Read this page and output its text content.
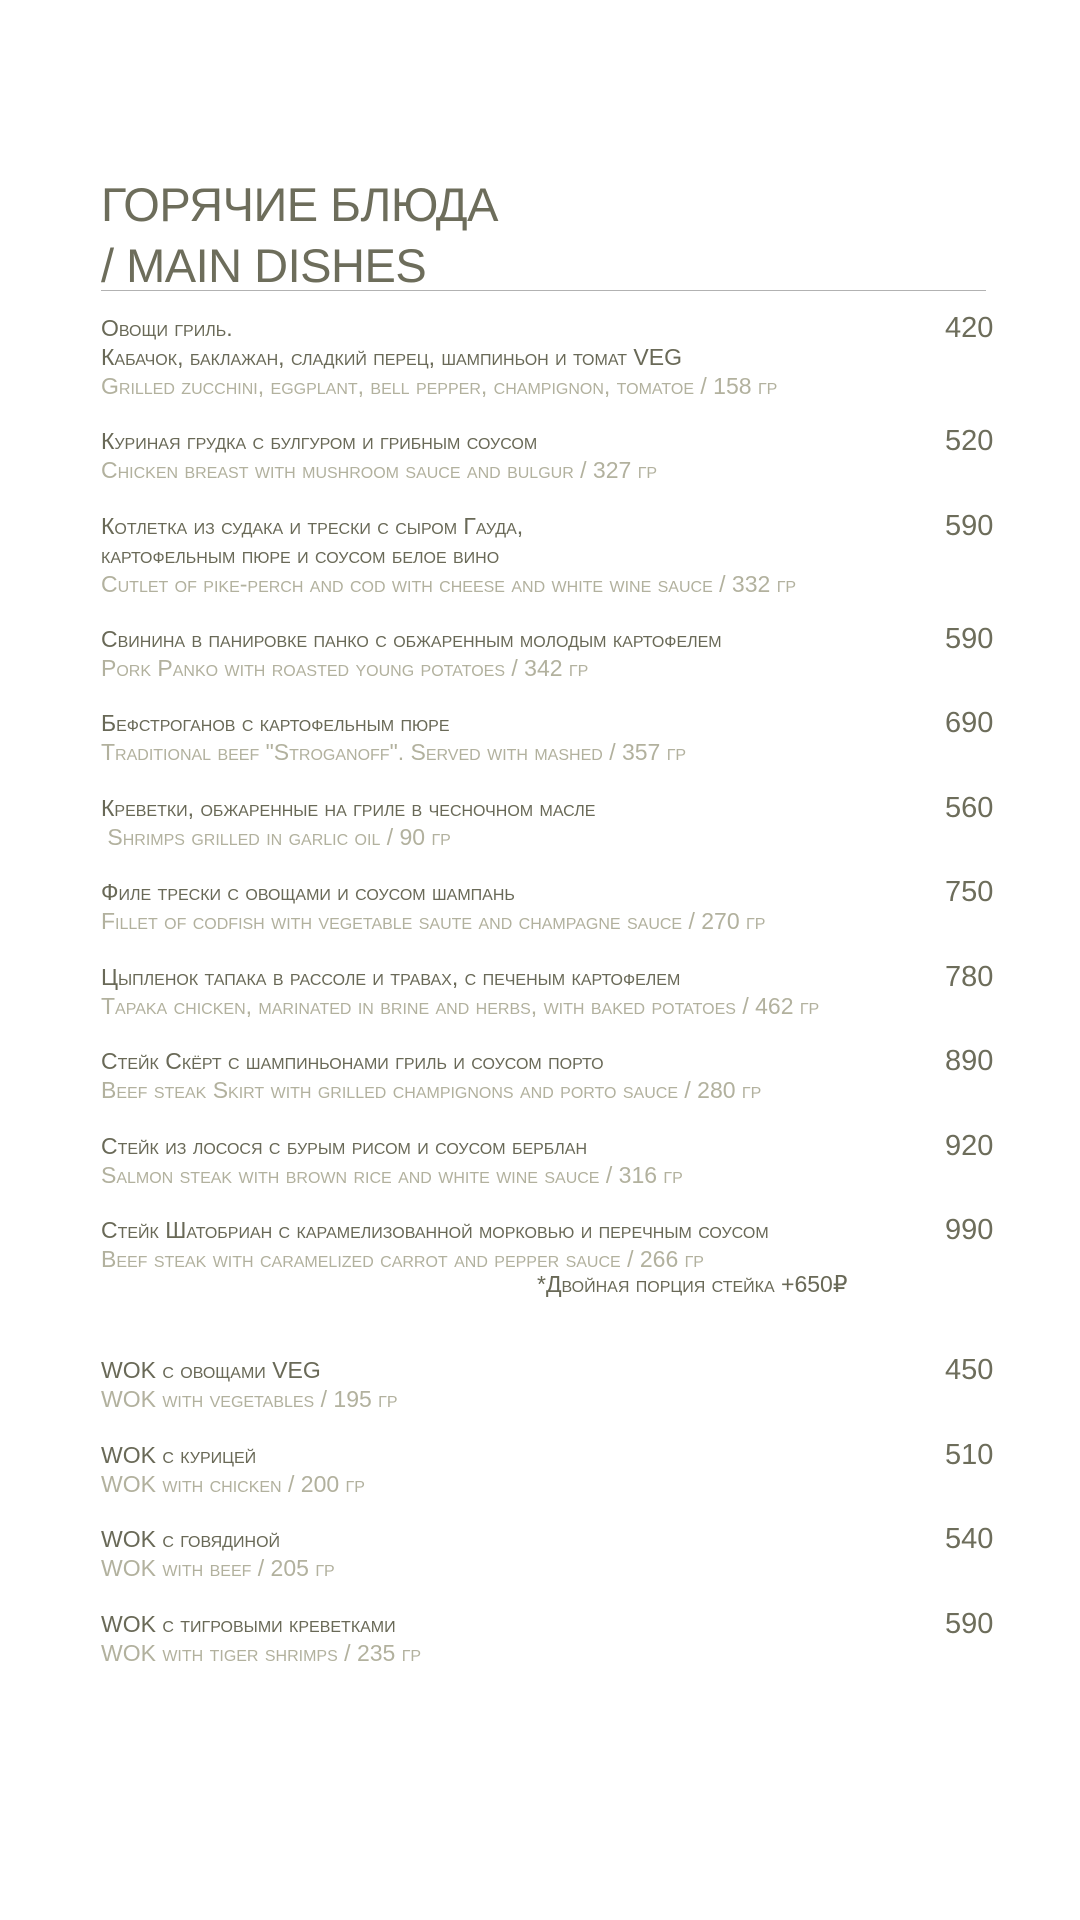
ГОРЯЧИЕ БЛЮДА
/ MAIN DISHES
Овощи гриль.
Кабачок, баклажан, сладкий перец, шампиньон и томат VEG
Grilled zucchini, eggplant, bell pepper, champignon, tomatoe / 158 гр
420
Куриная грудка с булгуром и грибным соусом
Chicken breast with mushroom sauce and bulgur / 327 гр
520
Котлетка из судака и трески с сыром Гауда,
картофельным пюре и соусом белое вино
Cutlet of pike-perch and cod with cheese and white wine sauce / 332 гр
590
Свинина в панировке панко с обжаренным молодым картофелем
Pork Panko with roasted young potatoes / 342 гр
590
Бефстроганов с картофельным пюре
Traditional beef "Stroganoff". Served with mashed / 357 гр
690
Креветки, обжаренные на гриле в чесночном масле
Shrimps grilled in garlic oil / 90 гр
560
Филе трески с овощами и соусом шампань
Fillet of codfish with vegetable saute and champagne sauce / 270 гр
750
Цыпленок тапака в рассоле и травах, с печеным картофелем
Tapaka chicken, marinated in brine and herbs, with baked potatoes / 462 гр
780
Стейк Скёрт с шампиньонами гриль и соусом порто
Beef steak Skirt with grilled champignons and porto sauce / 280 гр
890
Стейк из лосося с бурым рисом и соусом берблан
Salmon steak with brown rice and white wine sauce / 316 гр
920
Стейк Шатобриан с карамелизованной морковью и перечным соусом
Beef steak with caramelized carrot and pepper sauce / 266 гр
990
*Двойная порция стейка +650₽
WOK с овощами VEG
WOK with vegetables / 195 гр
450
WOK с курицей
WOK with chicken / 200 гр
510
WOK с говядиной
WOK with beef / 205 гр
540
WOK с тигровыми креветками
WOK with tiger shrimps / 235 гр
590
